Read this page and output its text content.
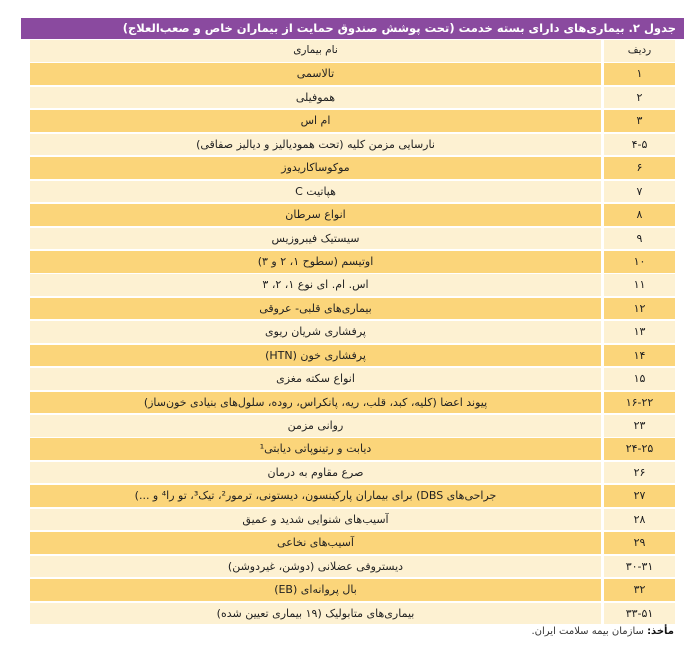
جدول ۲. بیماری‌های دارای بسته خدمت (تحت پوشش صندوق حمایت از بیماران خاص و صعب‌العلاج)
ردیف
نام بیماری
۱
تالاسمی
۲
هموفیلی
۳
ام اس
۴-۵
نارسایی مزمن کلیه (تحت همودیالیز و دیالیز صفاقی)
۶
موکوساکاریدوز
۷
هپاتیت C
۸
انواع سرطان
۹
سیستیک فیبروزیس
۱۰
اوتیسم (سطوح ۱، ۲ و ۳)
۱۱
اس. ام. ای نوع ۱، ۲، ۳
۱۲
بیماری‌های قلبی- عروقی
۱۳
پرفشاری شریان ریوی
۱۴
پرفشاری خون (HTN)
۱۵
انواع سکته مغزی
۱۶-۲۲
پیوند اعضا (کلیه، کبد، قلب، ریه، پانکراس، روده، سلول‌های بنیادی خون‌ساز)
۲۳
روانی مزمن
۲۴-۲۵
دیابت و رتینوپاتی دیابتی¹
۲۶
صرع مقاوم به درمان
۲۷
جراحی‌های DBS) برای بیماران پارکینسون، دیستونی، ترمور²، تیک³، تو را⁴ و ...)
۲۸
آسیب‌های شنوایی شدید و عمیق
۲۹
آسیب‌های نخاعی
۳۰-۳۱
دیستروفی عضلانی (دوشن، غیردوشن)
۳۲
بال پروانه‌ای (EB)
۳۳-۵۱
بیماری‌های متابولیک (۱۹ بیماری تعیین شده)
مأخذ: سازمان بیمه سلامت ایران.
